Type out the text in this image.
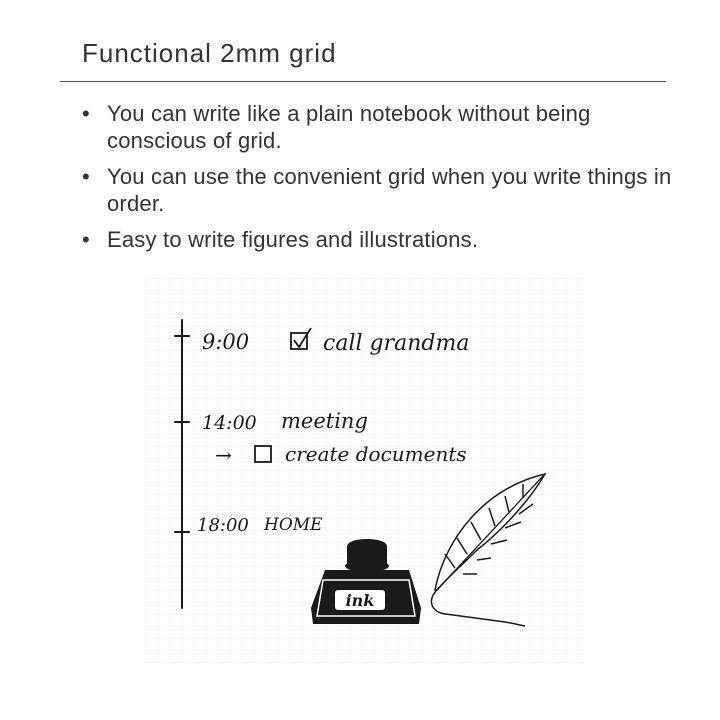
Functional 2mm grid
• You can write like a plain notebook without being conscious of grid.
• You can use the convenient grid when you write things in order.
• Easy to write figures and illustrations.
9:00	call grandma
14:00 meeting
→	create documents
18:00 HOME
ink
